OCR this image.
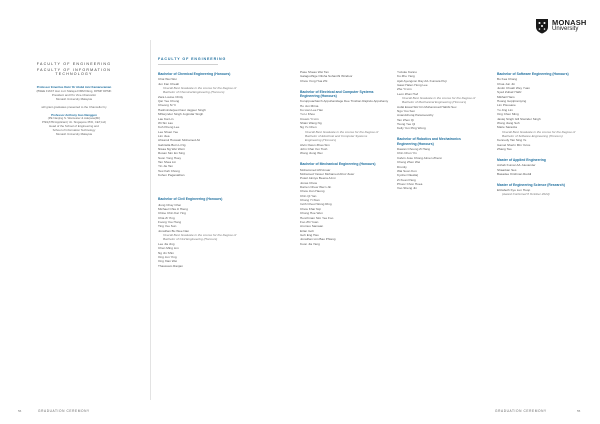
FACULTY OF ENGINEERING
FACULTY OF INFORMATION TECHNOLOGY
Professor Emeritus Dato' Dr Abdul Aziz Kamaruzaman
(BSEE FIAST Hon LLC Malaya FIMM FEng, DPMP DPMK
President and Pro Vice-Chancellor
Monash University Malaysia
will grant graduates presented to the Chancellor by
Professor Anthony Guo Nanggon
(PE Nanjing S. Warcester & Ade(aoa)Mr)
PhD(ATM Applicant) 'At. Singapore PhD, CET,Ltd)
Head of the School of Engineering and
School of Information Technology
Monash University Malaysia
FACULTY OF ENGINEERING
Bachelor of Chemical Engineering (Honours)
Chai Wei Wei
Jun Fan Cheah
Overall Best Graduate in the course for the Degree of Bachelor of Chemical Engineering (Honours)
Zara Louise Chitty
Qar Yee Chong
Cheong Si Yi
Hashvinderjeet Kaur Jagjeer Singh
Mhlwynder Singh Jogindar Singh
Lau Kai Lin
Wi Sin Lau
Koh Kheng Lee
Lee Shuet Yee
Lim Jiea
Ahsanul Hussain Mohamed Ali
Gabriella Buin Li Ng
Nisaa Ng Wei Wern
Rosan Sim En Sing
Soon Yong Huey
Tan Shea Lin
Yin Jie Tan
Tew Kah Chong
Kohen Paganathan
Bachelor of Civil Engineering (Honours)
Jiung Chay Chai
Michael Chia Ji Hieng
Chloe Chin Kar Ying
Chia Zi Ying
Foong Yoe Hong
Ting Yee Sun
Jonathan Bu Wee Nan
Overall Best Graduate in the course for the Degree of Bachelor of Civil Engineering (Honours)
Lee Jia Jing
Chen Ming Lim
Ng Jin Shin
Ong Jun Ying
Ong Xian Wei
Thasssam Ranjan
Pase Sheau Wei Tan
Galagodhige Olisha Sohanthi Windsor
Chew Yong Hua Zhi
Bachelor of Electrical and Computer Systems Engineering (Honours)
Kuruppuacharch Appuhamilage Dee Tinshan Rajindu Appuhamy
Ho Jun Mirna
Ko Lian Lee Han
Yu Li Khoo
Cream Yi Lim
Shain Wang Ng
Ng Yu Chen
Overall Best Graduate in the course for the Degree of Bachelor of Electrical and Computer Systems Engineering (Honours)
Alvin Owen Zhao Sim
John Chai Yen Tsoh
Wong Jiong Wei
Bachelor of Mechanical Engineering (Honours)
Mohammed Afif Anuar
Mohamed Yasser Mohamed Afroz Zeier
Puteri Aimiye Beena Azmi
Jonas Chew
Darren Chew Wern Jin
Chew Jiun Haong
Chin Qi Yan
Chong Yi Xian
Incih Cheol Wong Ring
Chew Khar Nqi
Chong Hoe Wen
Henchman Sim Yee Foo
Foo Zhi Yuan
Arumuu Samaan
Erlan Goh
Goh Eng Hao
Jonathan Lim Bao Phiang
Koon Jia Yang
Yuzuke Kanno
Ku Zhe Yang
Ajeli Ayengcon Ray A/L Kumara Puji
Isaac Halen Hong Lee
Zhe Yi Lim
Leon Zhan Hu/i
Overall Best Graduate in the course for the Degree of Bachelor of Mechanical Engineering (Honours)
Aufal Essal Sitz bin Muhammad Habibi Sex
Ngo Yoo Sen
Anandchoraj Paramesothy
Tan Zhen Qi
Tsong Yee Qi
Kelly Yen Ping Wong
Bachelor of Robotics and Mechatronics Engineering (Honours)
Dawan Choong Zi Hang
Chin Chun Yin
Calvin Jose Chong Almen Zhenn
Cheng Zhen Wei
Drunity
Wai Soon Kon
Kyohei Okeida)
Zi Xuan Pang
Phuoc Chon Hoea
Voo Sheng Jin
Bachelor of Software Engineering (Honours)
Bo Kea Chang
Chua Jun Jin
Justin Chuah Wey Yuan
Syed Zubair Hafiz
Mikhail Hans
Hoang Gopipramying
Lim Pisooane
Yu Jing Lim
Ong Chen Ming
Jastej Singh Gill Siwinder Singh
Wong Jiang Soh
Marie Saravita
Overall Best Graduate in the course for the Degree of Bachelor of Software Engineering (Honours)
Kennedy Tan Sing Ye
Gamel Sherin Min Yerce
Zhang Tao
Master of Applied Engineering
Ashab Kumar A/L Alexander
Shaarkan Ses
Basadee Krishnan Reddi
Master of Engineering Science (Research)
Elizabeth Kye Lun Hoop
(Award Conferred 8 October 2024)
MONASH
University
56	GRADUATION CEREMONY	GRADUATION CEREMONY	55
